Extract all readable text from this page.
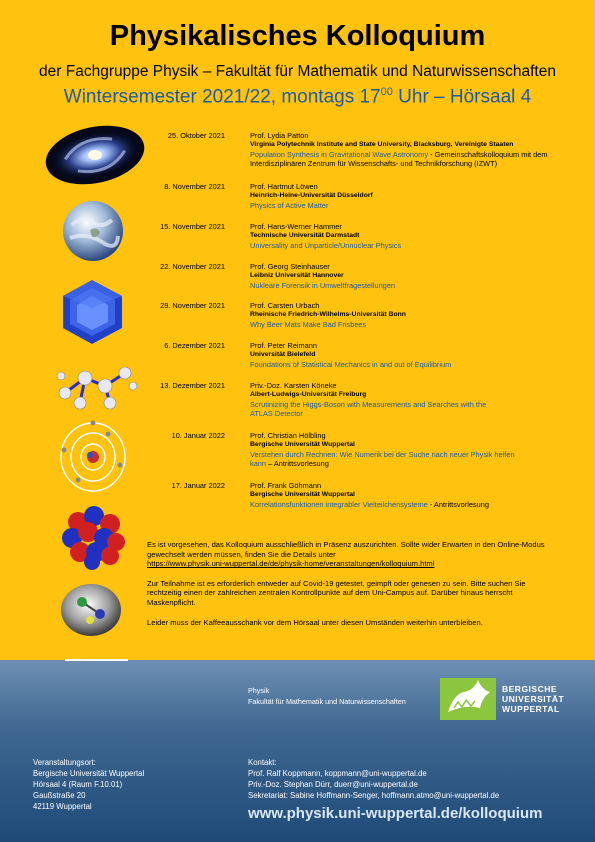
Physikalisches Kolloquium
der Fachgruppe Physik – Fakultät für Mathematik und Naturwissenschaften
Wintersemester 2021/22, montags $17^{00}$ Uhr – Hörsaal 4
25. Oktober 2021	Prof. Lydia Patton
Virginia Polytechnik Institute and State University, Blacksburg, Vereinigte Staaten
Population Synthesis in Gravitational Wave Astronomy - Gemeinschaftskolloquium mit dem Interdisziplinären Zentrum für Wissenschafts- und Technikforschung (IZWT)
8. November 2021	Prof. Hartmut Löwen
Heinrich-Heine-Universität Düsseldorf
Physics of Active Matter
15. November 2021	Prof. Hans-Werner Hammer
Technische Universität Darmstadt
Universality and Unparticle/Unnuclear Physics
22. November 2021	Prof. Georg Steinhauser
Leibniz Universität Hannover
Nukleare Forensik in Umweltfragestellungen
29. November 2021	Prof. Carsten Urbach
Rheinische Friedrich-Wilhelms-Universität Bonn
Why Beer Mats Make Bad Frisbees
6. Dezember 2021	Prof. Peter Reimann
Universität Bielefeld
Foundations of Statistical Mechanics in and out of Equilibrium
13. Dezember 2021	Priv.-Doz. Karsten Köneke
Albert-Ludwigs-Universität Freiburg
Scrutinizing the Higgs-Boson with Measurements and Searches with the ATLAS Detector
10. Januar 2022	Prof. Christian Hölbling
Bergische Universität Wuppertal
Verstehen durch Rechnen: Wie Numerik bei der Suche nach neuer Physik helfen kann – Antrittsvorlesung
17. Januar 2022	Prof. Frank Göhmann
Bergische Universität Wuppertal
Korrelationsfunktionen integrabler Vielteilchensysteme - Antrittsvorlesung

Es ist vorgesehen, das Kolloquium ausschließlich in Präsenz auszurichten. Sollte wider Erwarten in den Online-Modus gewechselt werden müssen, finden Sie die Details unter
https://www.physik.uni-wuppertal.de/de/physik-home/veranstaltungen/kolloquium.html

Zur Teilnahme ist es erforderlich entweder auf Covid-19 getestet, geimpft oder genesen zu sein. Bitte suchen Sie rechtzeitig einen der zahlreichen zentralen Kontrollpunkte auf dem Uni-Campus auf. Darüber hinaus herrscht Maskenpflicht.

Leider muss der Kaffeeausschank vor dem Hörsaal unter diesen Umständen weiterhin unterbleiben.

Physik
Fakultät für Mathematik und Naturwissenschaften
BERGISCHE
UNIVERSITÄT
WUPPERTAL
Veranstaltungsort:
Bergische Universität Wuppertal
Hörsaal 4 (Raum F.10.01)
Gaußstraße 20
42119 Wuppertal
Kontakt:
Prof. Ralf Koppmann, koppmann@uni-wuppertal.de
Priv.-Doz. Stephan Dürr, duerr@uni-wuppertal.de
Sekretariat: Sabine Hoffmann-Senger, hoffmann.atmo@uni-wuppertal.de
www.physik.uni-wuppertal.de/kolloquium
